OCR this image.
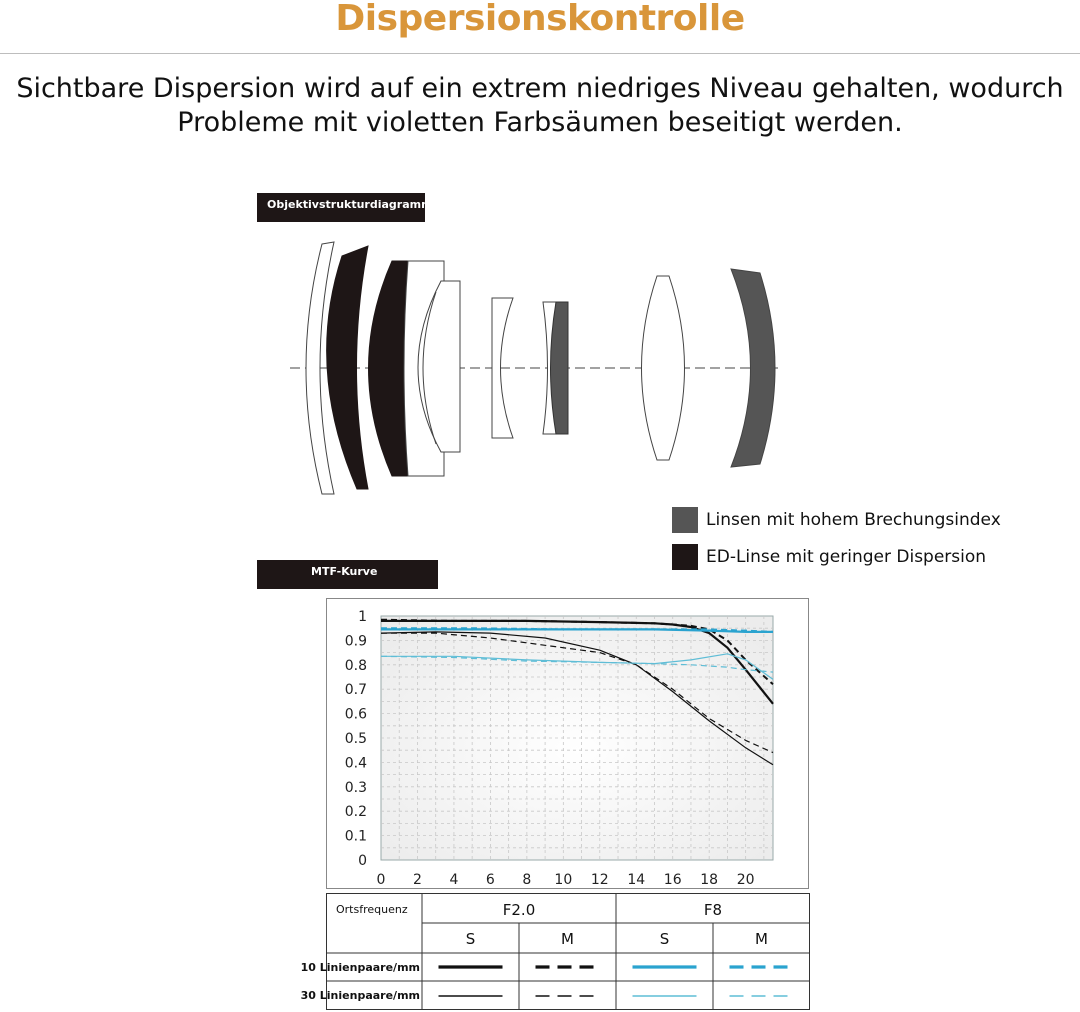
Dispersionskontrolle
Sichtbare Dispersion wird auf ein extrem niedriges Niveau gehalten, wodurch
Probleme mit violetten Farbsäumen beseitigt werden.
Objektivstrukturdiagramm
Linsen mit hohem Brechungsindex
ED-Linse mit geringer Dispersion
MTF-Kurve
0 2 4 6 8 10 12 14 16 18 20
0
0.1
0.2
0.3
0.4
0.5
0.6
0.7
0.8
0.9
1
Ortsfrequenz	F2.0	F8
S	M	S	M
10 Linienpaare/mm
30 Linienpaare/mm
